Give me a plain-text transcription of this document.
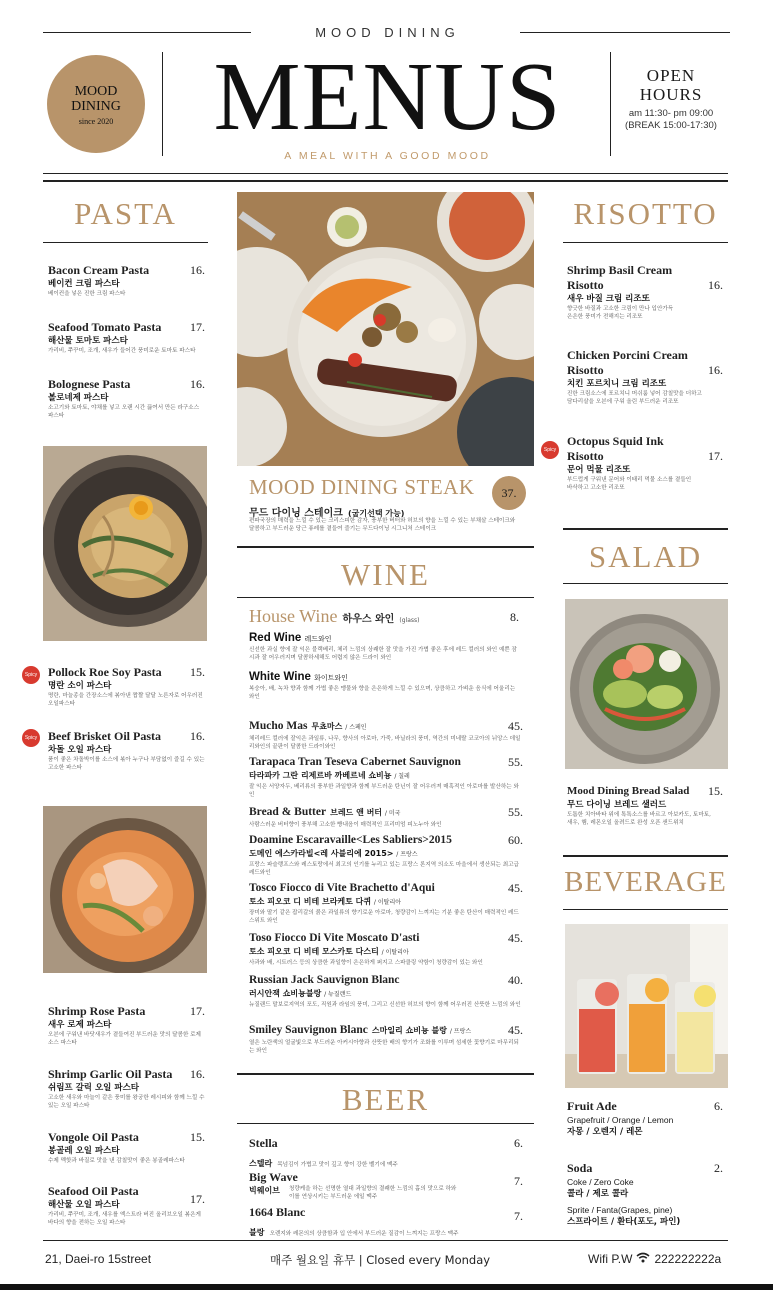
MOOD DINING
MOOD
DINING
since 2020	MENUS
A MEAL WITH A GOOD MOOD
OPEN
HOURS
am 11:30- pm 09:00
(BREAK 15:00-17:30)
PASTA
Bacon Cream Pasta	16.
베이컨 크림 파스타
베이컨을 넣은 진한 크림 파스타
Seafood Tomato Pasta	17.
해산물 토마토 파스타
가리비, 쭈꾸미, 조개, 새우가 들어간 풍미로운 토마토 파스타
Bolognese Pasta	16.
볼로네제 파스타
소고기와 토마토, 야채를 넣고 오랜 시간 끓여서 만든 라구소스 파스타
Spicy Pollock Roe Soy Pasta	15.
명란 소이 파스타
명란, 마늘종을 간장소스에 볶아낸 짭짤 달달 노른자로 어우러진 오일파스타
Spicy Beef Brisket Oil Pasta	16.
차돌 오일 파스타
품이 좋은 차돌박이를 소스에 볶아 누구나 부담없이 즐길 수 있는 고소한 파스타
Shrimp Rose Pasta	17.
새우 로제 파스타
오븐에 구워낸 바닷새우가 곁들여진 부드러운 맛의 달콤한 로제 소스 파스타
Shrimp Garlic Oil Pasta	16.
쉬림프 갈릭 오일 파스타
고소한 새우와 마늘이 같은 풍미를 왕궁한 레시피와 함께 느낄 수 있는 오일 파스타
Vongole Oil Pasta	15.
봉골레 오일 파스타
수제 멕핫과 바질로 맛을 낸 감칠맛이 좋은 봉골레파스타
Seafood Oil Pasta
17.
해산물 오일 파스타
가리비, 쭈꾸미, 조개, 새우를 엑스트라 버진 올리브오일 볶은게 바다의 향을 전하는 오일 파스타
MOOD DINING STEAK	37.
무드 다이닝 스테이크 (굽기선택 가능)
편파국장의 매력을 느낄 수 있는 크리스피한 감자, 풍부한 버터와 허브의 향을 느낄 수 있는 부채살 스테이크와 달콤하고 부드러운 당근 퓨레를 곁들여 즐기는 무드다이닝 시그니처 스테이크
WINE
House Wine 하우스 와인 (glass)	8.
Red Wine 레드와인
신선한 과실 향에 잘 익은 블랙베리, 체리 느낌의 상쾌한 잘 맛을 가진 가볍 좋은 후에 레드 컬러의 와인 예쁜 잠시과 잘 어우러지며 달콤하세해도 어렵지 않은 드라이 와인
White Wine 화이트와인
복숭아, 배, 녹차 향과 함께 가볍 좋은 맹물와 향을 은은하게 느낄 수 있으며, 상큼하고 가벼운 음식에 어울리는 와인
Mucho Mas 무쵸마스 / 스페인	45.
체리레드 컬러에 잘익은 과일류, 나무, 향사의 아로마, 가죽, 바닐라의 풍미, 역간의 미네랄 코코아의 뉘앙스 데일리와인의 끝판이 달콤한 드라이와인
Tarapaca Tran Teseva Cabernet Sauvignon	55.
타라파카 그란 리제르바 까베르네 쇼비뇽 / 칠레
잘 익은 서양자두, 베리류의 풍부한 과일향과 함께 부드러운 탄닌이 잘 어우러져 매혹적인 아로마를 발산하는 와인
Bread & Butter 브레드 앤 버터 / 미국	55.
사람스러운 버터향이 풍부해 고소한 빵내음이 매력적인 프리미엄 피노누아 와인
Doamine Escaravaille<Les Sabliers>2015	60.
도메인 에스카라빌<레 사블리에 2015> / 프랑스
프랑스 파슬랭프스와 레스토랑에서 최고의 인기를 누리고 있는 프랑스 론지역 의소도 마을에서 생산되는 최고급 레드와인
Tosco Fiocco di Vite Brachetto d'Aqui	45.
토소 피오코 디 비테 브라케토 다퀴 / 이탈리아
장미와 딸기 같은 잡리갈의 붉은 과일류의 향기로운 아로마, 청량감이 느껴지는 기분 좋은 탄산이 매력적인 레드 스위트 와인
Toso Fiocco Di Vite Moscato D'asti	45.
토소 피오코 디 비테 모스카토 다스티 / 이탈리아
사과와 배, 시트러스 등의 상큼한 과일향이 은은하게 퍼지고 스파클링 약함이 청량감이 있는 와인
Russian Jack Sauvignon Blanc	40.
러시안잭 쇼비뇽블랑 / 뉴질랜드
뉴질랜드 말보로지역의 포도, 직원과 라임의 풍미, 그리고 신선한 허브의 향이 함께 어우러진 산뜻한 느낌의 와인
Smiley Sauvignon Blanc 스마일리 쇼비뇽 블랑 / 프랑스	45.
열은 노란색의 얼굴빛으로 부드러운 아커시아향과 산뜻한 배의 향기가 조화를 이루며 섬세한 꽃향기로 마무리되는 와인
BEER
Stella	6.
스텔라 목넘김이 가볍고 맛이 깊고 향이 강한 벨기에 맥주
Big Wave	7.
빅웨이브	청량케을 하는 선명한 열대 과일향의 결쾌한 느낌의 홉의 맛으로 하와이를 연상시키는 부드러운 에일 맥주
1664 Blanc	7.
블랑 오렌지와 레몬의의 상큼함과 입 안에서 부드러운 질감이 느껴지는 프랑스 맥주
RISOTTO
Shrimp Basil Cream
Risotto	16.
새우 바질 크림 리조또
향긋한 바질과 고소한 크림이 만나 입안가득
은은한 풍미가 전해지는 리조또
Chicken Porcini Cream
Risotto	16.
치킨 포르치니 크림 리조또
진한 크림소스에 포르치니 머쉬룸 넣어 감칠맛을 더하고
담다리살을 오븐에 구워 올린 부드러운 리조또
Spicy
Octopus Squid Ink
Risotto	17.
문어 먹물 리조또
부드럽게 구워낸 문어와 이태리 먹물 소스를 곁들인
바삭하고 고소한 리조또
SALAD
Mood Dining Bread Salad	15.
무드 다이닝 브레드 샐러드
도톰한 치아바타 위에 톡톡소스를 바르고 아보카도, 토마토,
새우, 햄, 레몬오일 올려드로 완성 오픈 샌드위치
BEVERAGE
Fruit Ade	6.
Grapefruit / Orange / Lemon
자몽 / 오렌지 / 레몬
Soda	2.
Coke / Zero Coke
콜라 / 제로 콜라
Sprite / Fanta(Grapes, pine)
스프라이트 / 환타(포도, 파인)
21, Daei-ro 15street	매주 월요일 휴무 | Closed every Monday	Wifi P.W 222222222a
